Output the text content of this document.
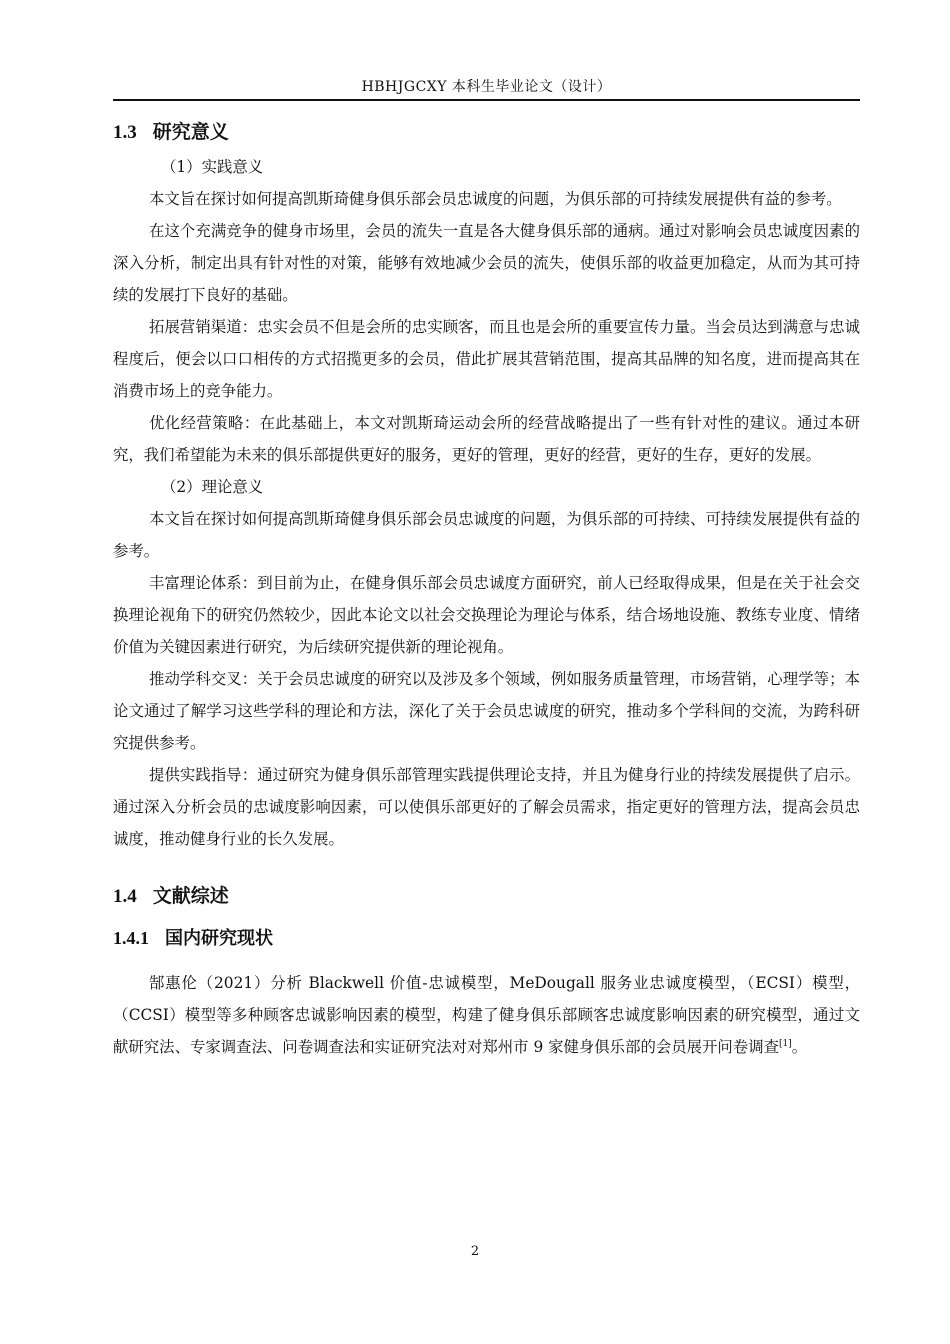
HBHJGCXY 本科生毕业论文（设计）
1.3 研究意义

（1）实践意义

本文旨在探讨如何提高凯斯琦健身俱乐部会员忠诚度的问题，为俱乐部的可持续发展提供有益的参考。

在这个充满竞争的健身市场里，会员的流失一直是各大健身俱乐部的通病。通过对影响会员忠诚度因素的深入分析，制定出具有针对性的对策，能够有效地减少会员的流失，使俱乐部的收益更加稳定，从而为其可持续的发展打下良好的基础。

拓展营销渠道：忠实会员不但是会所的忠实顾客，而且也是会所的重要宣传力量。当会员达到满意与忠诚程度后，便会以口口相传的方式招揽更多的会员，借此扩展其营销范围，提高其品牌的知名度，进而提高其在消费市场上的竞争能力。

优化经营策略：在此基础上，本文对凯斯琦运动会所的经营战略提出了一些有针对性的建议。通过本研究，我们希望能为未来的俱乐部提供更好的服务，更好的管理，更好的经营，更好的生存，更好的发展。

（2）理论意义

本文旨在探讨如何提高凯斯琦健身俱乐部会员忠诚度的问题，为俱乐部的可持续、可持续发展提供有益的参考。

丰富理论体系：到目前为止，在健身俱乐部会员忠诚度方面研究，前人已经取得成果，但是在关于社会交换理论视角下的研究仍然较少，因此本论文以社会交换理论为理论与体系，结合场地设施、教练专业度、情绪价值为关键因素进行研究，为后续研究提供新的理论视角。

推动学科交叉：关于会员忠诚度的研究以及涉及多个领域，例如服务质量管理，市场营销，心理学等；本论文通过了解学习这些学科的理论和方法，深化了关于会员忠诚度的研究，推动多个学科间的交流，为跨科研究提供参考。

提供实践指导：通过研究为健身俱乐部管理实践提供理论支持，并且为健身行业的持续发展提供了启示。通过深入分析会员的忠诚度影响因素，可以使俱乐部更好的了解会员需求，指定更好的管理方法，提高会员忠诚度，推动健身行业的长久发展。

1.4 文献综述
1.4.1 国内研究现状

郜惠伦（2021）分析 Blackwell 价值-忠诚模型，MeDougall 服务业忠诚度模型，（ECSI）模型，（CCSI）模型等多种顾客忠诚影响因素的模型，构建了健身俱乐部顾客忠诚度影响因素的研究模型，通过文献研究法、专家调查法、问卷调查法和实证研究法对对郑州市 9 家健身俱乐部的会员展开问卷调查[1]。

2
